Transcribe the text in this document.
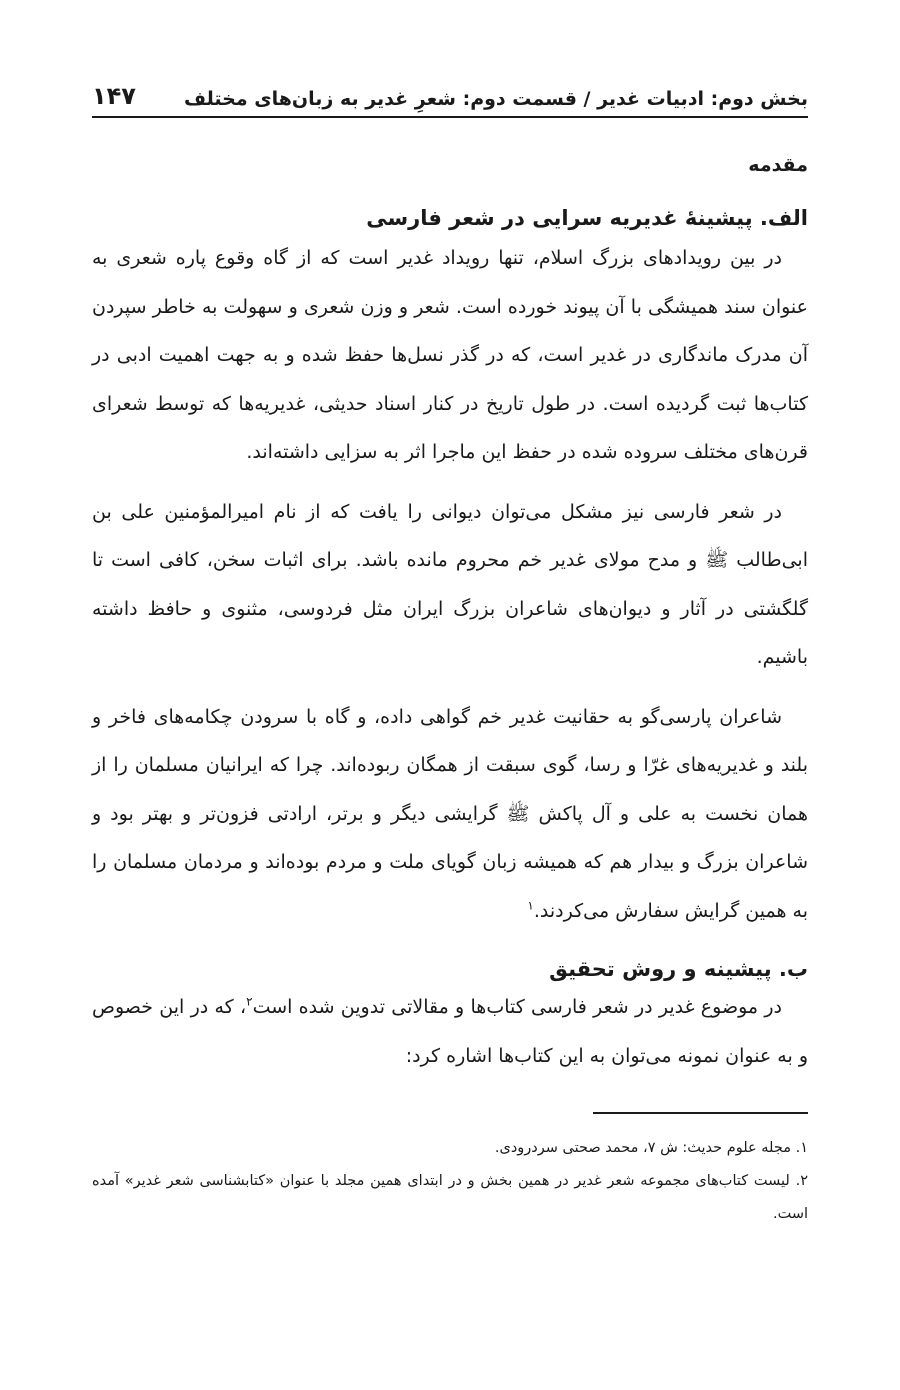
بخش دوم: ادبیات غدیر / قسمت دوم: شعرِ غدیر به زبان‌های مختلف
۱۴۷
مقدمه
الف. پیشینهٔ غدیریه سرایی در شعر فارسی

در بین رویدادهای بزرگ اسلام، تنها رویداد غدیر است که از گاه وقوع پاره شعری به عنوان سند همیشگی با آن پیوند خورده است. شعر و وزن شعری و سهولت به خاطر سپردن آن مدرک ماندگاری در غدیر است، که در گذر نسل‌ها حفظ شده و به جهت اهمیت ادبی در کتاب‌ها ثبت گردیده است. در طول تاریخ در کنار اسناد حدیثی، غدیریه‌ها که توسط شعرای قرن‌های مختلف سروده شده در حفظ این ماجرا اثر به سزایی داشته‌اند.

در شعر فارسی نیز مشکل می‌توان دیوانی را یافت که از نام امیرالمؤمنین علی بن ابی‌طالب ﷺ و مدح مولای غدیر خم محروم مانده باشد. برای اثبات سخن، کافی است تا گلگشتی در آثار و دیوان‌های شاعران بزرگ ایران مثل فردوسی، مثنوی و حافظ داشته باشیم.

شاعران پارسی‌گو به حقانیت غدیر خم گواهی داده، و گاه با سرودن چکامه‌های فاخر و بلند و غدیریه‌های غرّا و رسا، گوی سبقت از همگان ربوده‌اند. چرا که ایرانیان مسلمان را از همان نخست به علی و آل پاکش ﷺ گرایشی دیگر و برتر، ارادتی فزون‌تر و بهتر بود و شاعران بزرگ و بیدار هم که همیشه زبان گویای ملت و مردم بوده‌اند و مردمان مسلمان را به همین گرایش سفارش می‌کردند.$^۱$

ب. پیشینه و روش تحقیق

در موضوع غدیر در شعر فارسی کتاب‌ها و مقالاتی تدوین شده است$^۲$، که در این خصوص و به عنوان نمونه می‌توان به این کتاب‌ها اشاره کرد:

۱. مجله علوم حدیث: ش ۷، محمد صحتی سردرودی.
۲. لیست کتاب‌های مجموعه شعر غدیر در همین بخش و در ابتدای همین مجلد با عنوان «کتابشناسی شعر غدیر» آمده است.
